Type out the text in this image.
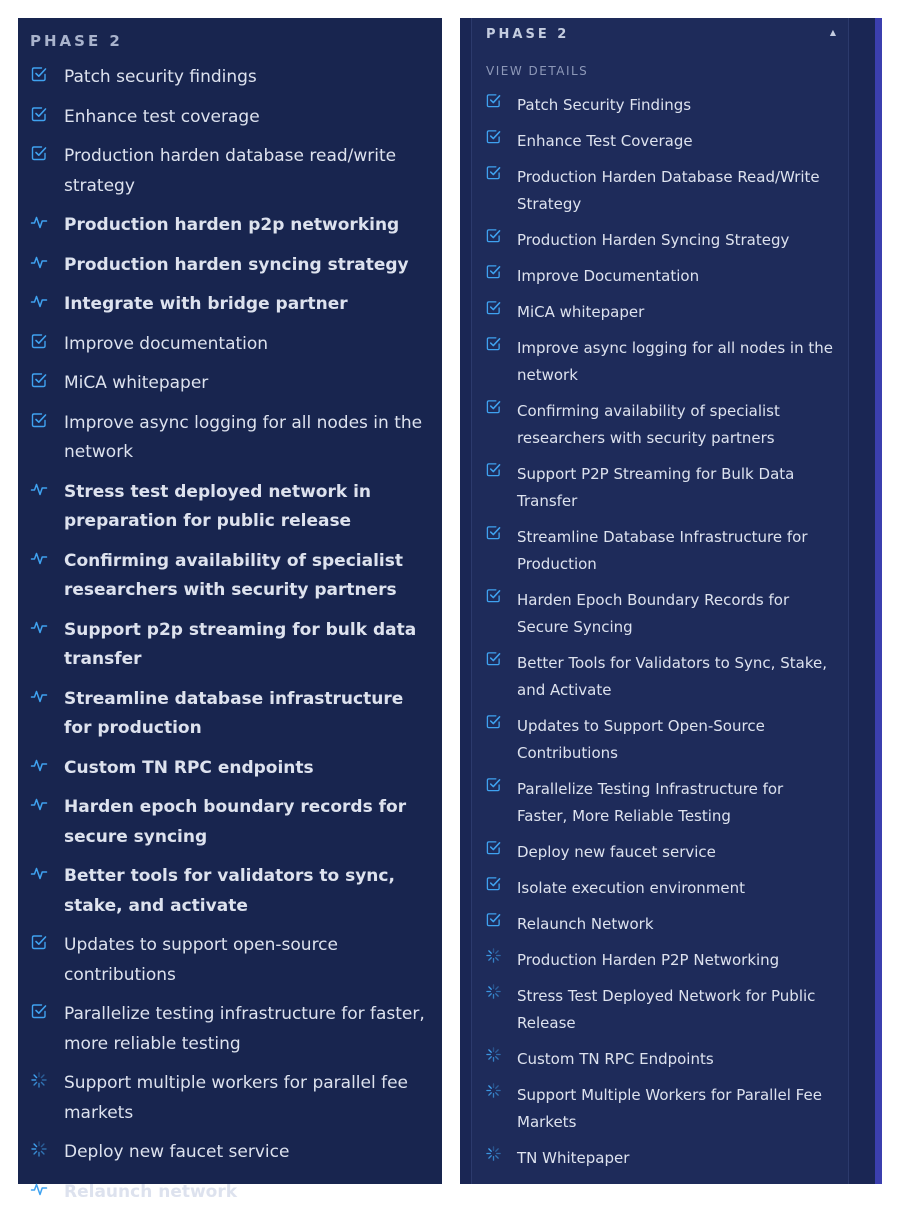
PHASE 2
Patch security findings
Enhance test coverage
Production harden database read/write strategy
Production harden p2p networking
Production harden syncing strategy
Integrate with bridge partner
Improve documentation
MiCA whitepaper
Improve async logging for all nodes in the network
Stress test deployed network in preparation for public release
Confirming availability of specialist researchers with security partners
Support p2p streaming for bulk data transfer
Streamline database infrastructure for production
Custom TN RPC endpoints
Harden epoch boundary records for secure syncing
Better tools for validators to sync, stake, and activate
Updates to support open-source contributions
Parallelize testing infrastructure for faster, more reliable testing
Support multiple workers for parallel fee markets
Deploy new faucet service
Relaunch network
PHASE 2	▲
VIEW DETAILS
Patch Security Findings
Enhance Test Coverage
Production Harden Database Read/Write Strategy
Production Harden Syncing Strategy
Improve Documentation
MiCA whitepaper
Improve async logging for all nodes in the network
Confirming availability of specialist researchers with security partners
Support P2P Streaming for Bulk Data Transfer
Streamline Database Infrastructure for Production
Harden Epoch Boundary Records for Secure Syncing
Better Tools for Validators to Sync, Stake, and Activate
Updates to Support Open-Source Contributions
Parallelize Testing Infrastructure for Faster, More Reliable Testing
Deploy new faucet service
Isolate execution environment
Relaunch Network
Production Harden P2P Networking
Stress Test Deployed Network for Public Release
Custom TN RPC Endpoints
Support Multiple Workers for Parallel Fee Markets
TN Whitepaper
